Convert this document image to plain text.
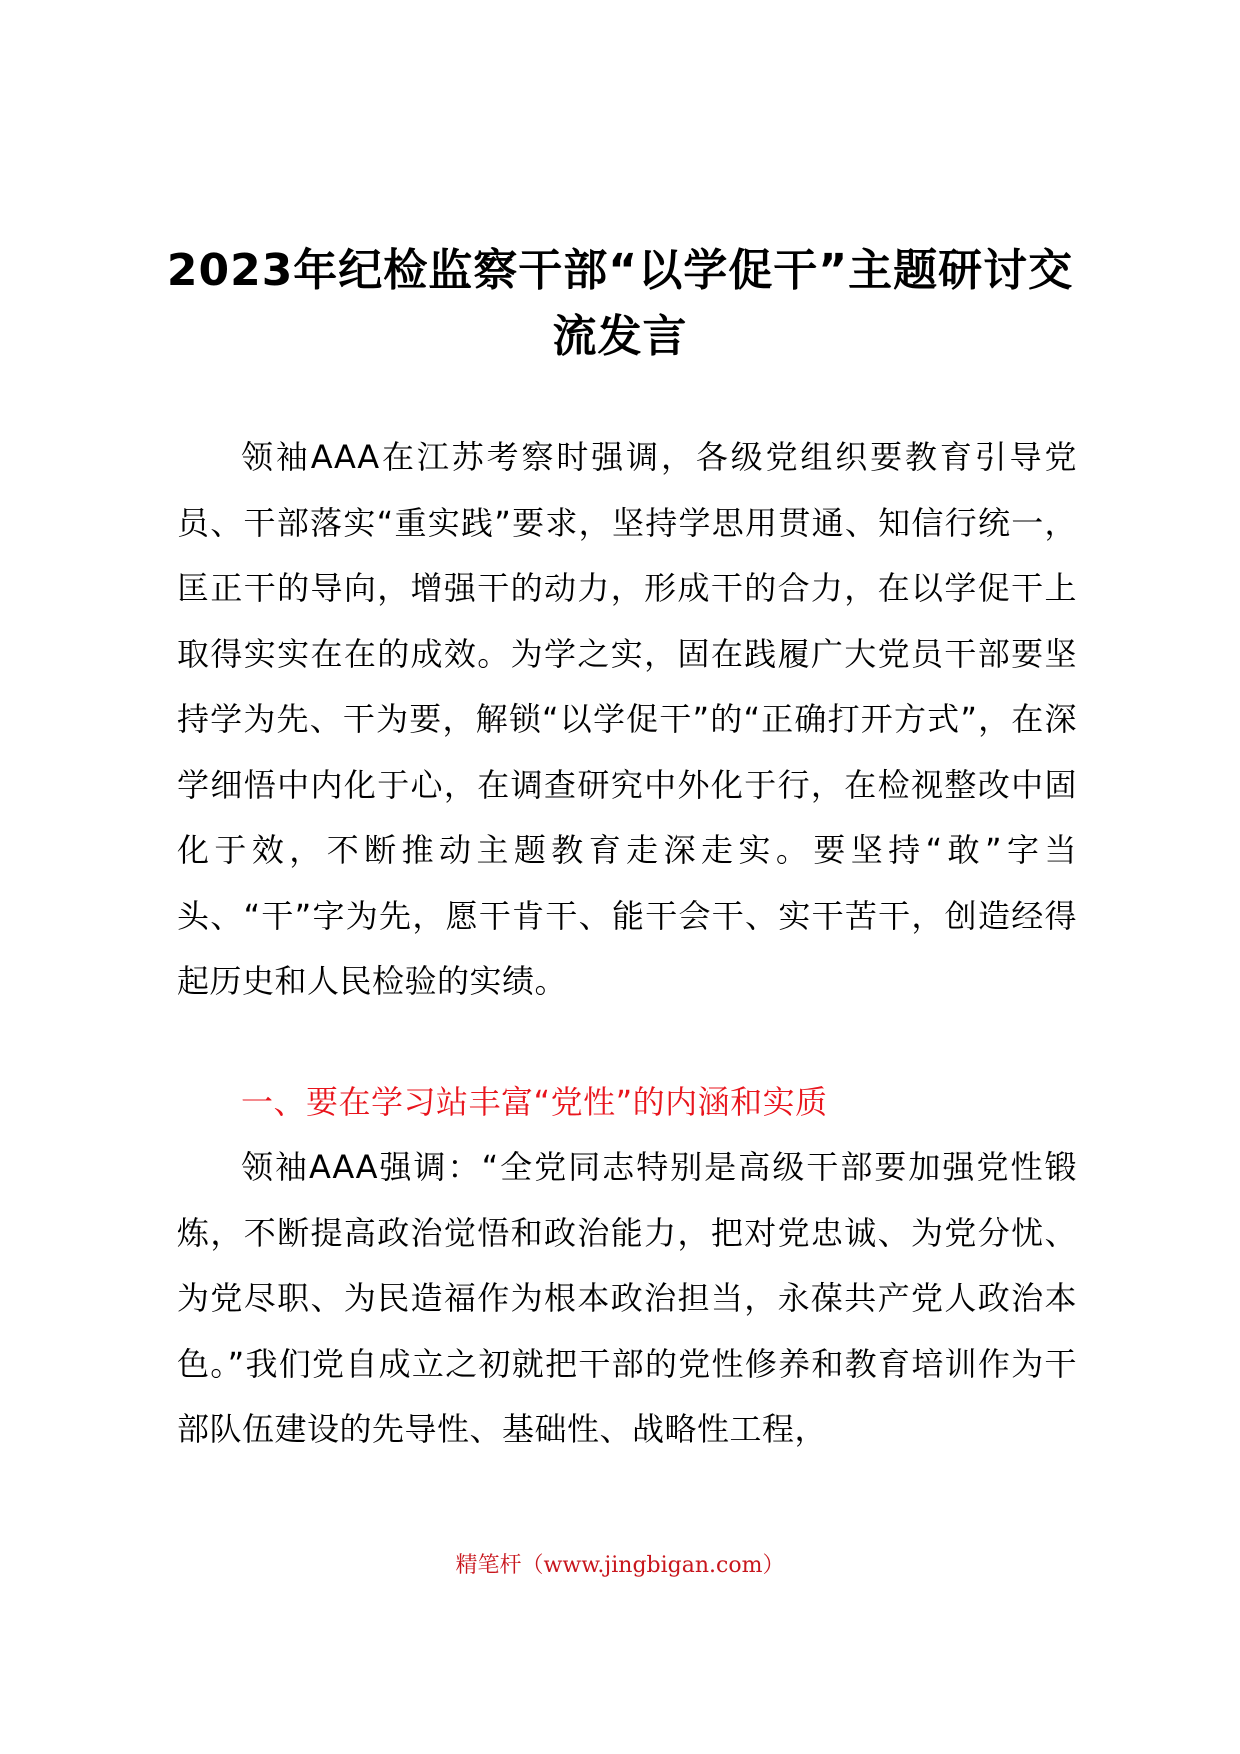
2023年纪检监察干部“以学促干”主题研讨交流发言

领袖AAA在江苏考察时强调，各级党组织要教育引导党员、干部落实“重实践”要求，坚持学思用贯通、知信行统一，匡正干的导向，增强干的动力，形成干的合力，在以学促干上取得实实在在的成效。为学之实，固在践履广大党员干部要坚持学为先、干为要，解锁“以学促干”的“正确打开方式”，在深学细悟中内化于心，在调查研究中外化于行，在检视整改中固化于效，不断推动主题教育走深走实。要坚持“敢”字当头、“干”字为先，愿干肯干、能干会干、实干苦干，创造经得起历史和人民检验的实绩。

一、要在学习站丰富“党性”的内涵和实质

领袖AAA强调：“全党同志特别是高级干部要加强党性锻炼，不断提高政治觉悟和政治能力，把对党忠诚、为党分忧、为党尽职、为民造福作为根本政治担当，永葆共产党人政治本色。”我们党自成立之初就把干部的党性修养和教育培训作为干部队伍建设的先导性、基础性、战略性工程，

精笔杆（www.jingbigan.com）
